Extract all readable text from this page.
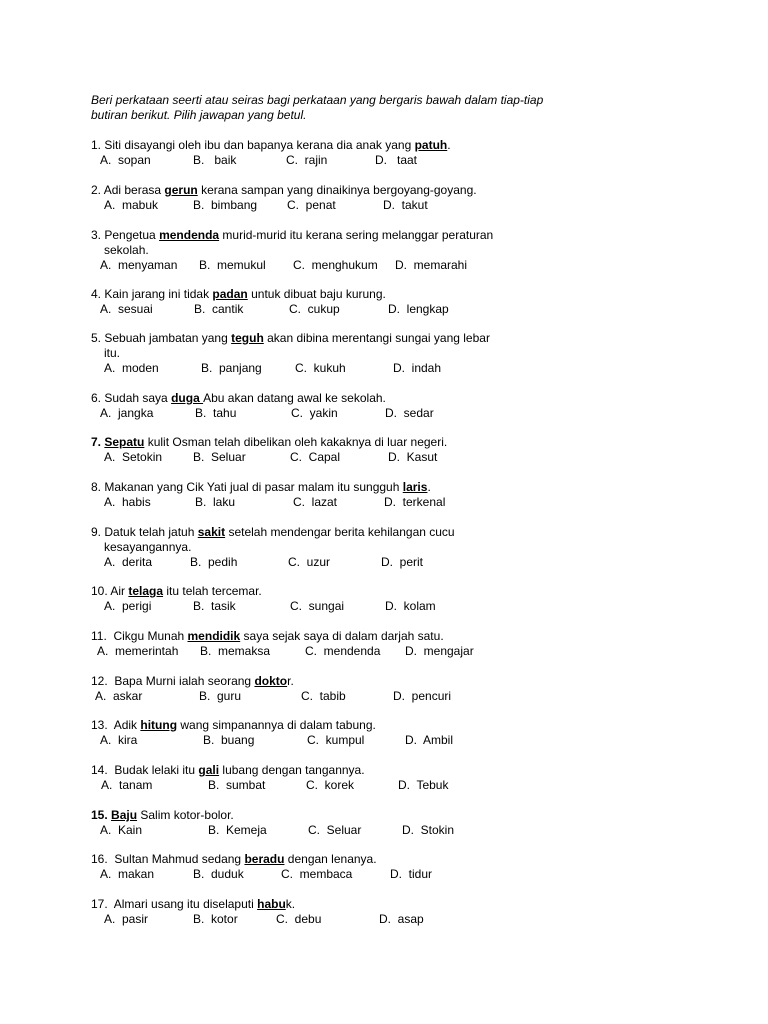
Beri perkataan seerti atau seiras bagi perkataan yang bergaris bawah dalam tiap-tiap butiran berikut. Pilih jawapan yang betul.

1. Siti disayangi oleh ibu dan bapanya kerana dia anak yang patuh.
A.  sopan	B.   baik	C.  rajin	D.   taat
2. Adi berasa gerun kerana sampan yang dinaikinya bergoyang-goyang.
A.  mabuk	B.  bimbang C.  penat	D.  takut
3. Pengetua mendenda murid-murid itu kerana sering melanggar peraturan
sekolah.
A.  menyaman B.  memukul C.  menghukum D.  memarahi
4. Kain jarang ini tidak padan untuk dibuat baju kurung.
A.  sesuai	B.  cantik	C.  cukup	D.  lengkap
5. Sebuah jambatan yang teguh akan dibina merentangi sungai yang lebar
itu.
A.  moden	B.  panjang	C.  kukuh	D.  indah
6. Sudah saya duga Abu akan datang awal ke sekolah.
A.  jangka	B.  tahu	C.  yakin	D.  sedar
7. Sepatu kulit Osman telah dibelikan oleh kakaknya di luar negeri.
A.  Setokin	B.  Seluar	C.  Capal	D.  Kasut
8. Makanan yang Cik Yati jual di pasar malam itu sungguh laris.
A.  habis	B.  laku	C.  lazat	D.  terkenal
9. Datuk telah jatuh sakit setelah mendengar berita kehilangan cucu
kesayangannya.
A.  derita	B.  pedih	C.  uzur	D.  perit
10. Air telaga itu telah tercemar.
A.  perigi	B.  tasik	C.  sungai	D.  kolam
11.  Cikgu Munah mendidik saya sejak saya di dalam darjah satu.
A.  memerintah B.  memaksa	C.  mendenda D.  mengajar
12.  Bapa Murni ialah seorang doktor.
A.  askar	B.  guru	C.  tabib	D.  pencuri
13.  Adik hitung wang simpanannya di dalam tabung.
A.  kira	B.  buang	C.  kumpul	D.  Ambil
14.  Budak lelaki itu gali lubang dengan tangannya.
A.  tanam	B.  sumbat	C.  korek	D.  Tebuk
15. Baju Salim kotor-bolor.
A.  Kain	B.  Kemeja	C.  Seluar	D.  Stokin
16.  Sultan Mahmud sedang beradu dengan lenanya.
A.  makan	B.  duduk	C.  membaca	D.  tidur
17.  Almari usang itu diselaputi habuk.
A.  pasir	B.  kotor	C.  debu	D.  asap
